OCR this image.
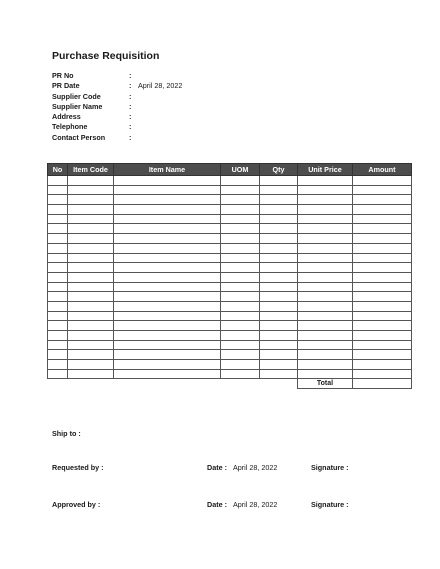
Purchase Requisition
PR No	:
PR Date	: April 28, 2022
Supplier Code	:
Supplier Name	:
Address	:
Telephone	:
Contact Person	:
No	Item Code	Item Name	UOM	Qty	Unit Price	Amount

					Total	
Ship to :
Requested by :	Date : April 28, 2022	Signature :
Approved by :	Date : April 28, 2022	Signature :
